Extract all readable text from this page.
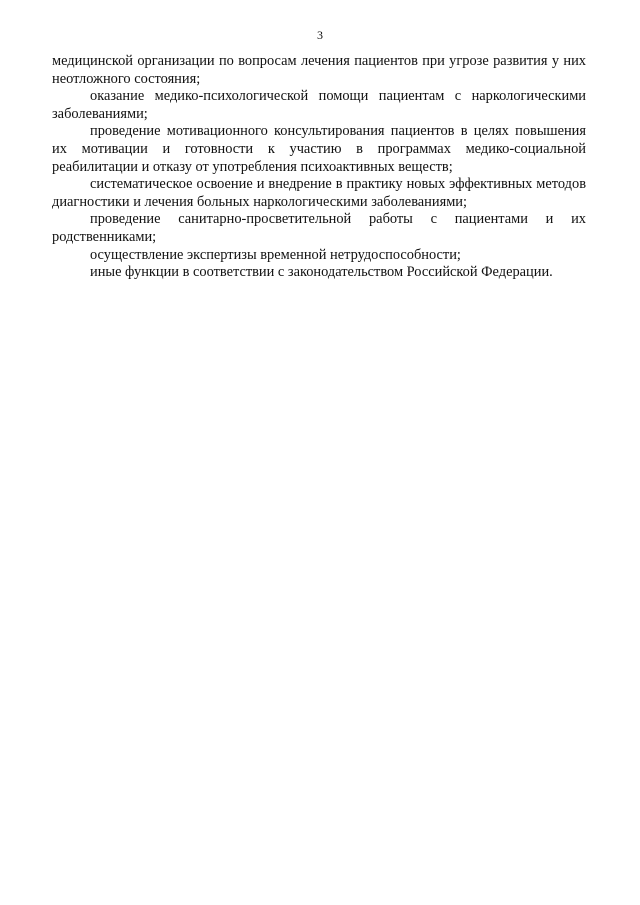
3

медицинской организации по вопросам лечения пациентов при угрозе развития у них неотложного состояния;

оказание медико-психологической помощи пациентам с наркологическими заболеваниями;

проведение мотивационного консультирования пациентов в целях повышения их мотивации и готовности к участию в программах медико-социальной реабилитации и отказу от употребления психоактивных веществ;

систематическое освоение и внедрение в практику новых эффективных методов диагностики и лечения больных наркологическими заболеваниями;

проведение санитарно-просветительной работы с пациентами и их родственниками;

осуществление экспертизы временной нетрудоспособности;

иные функции в соответствии с законодательством Российской Федерации.
